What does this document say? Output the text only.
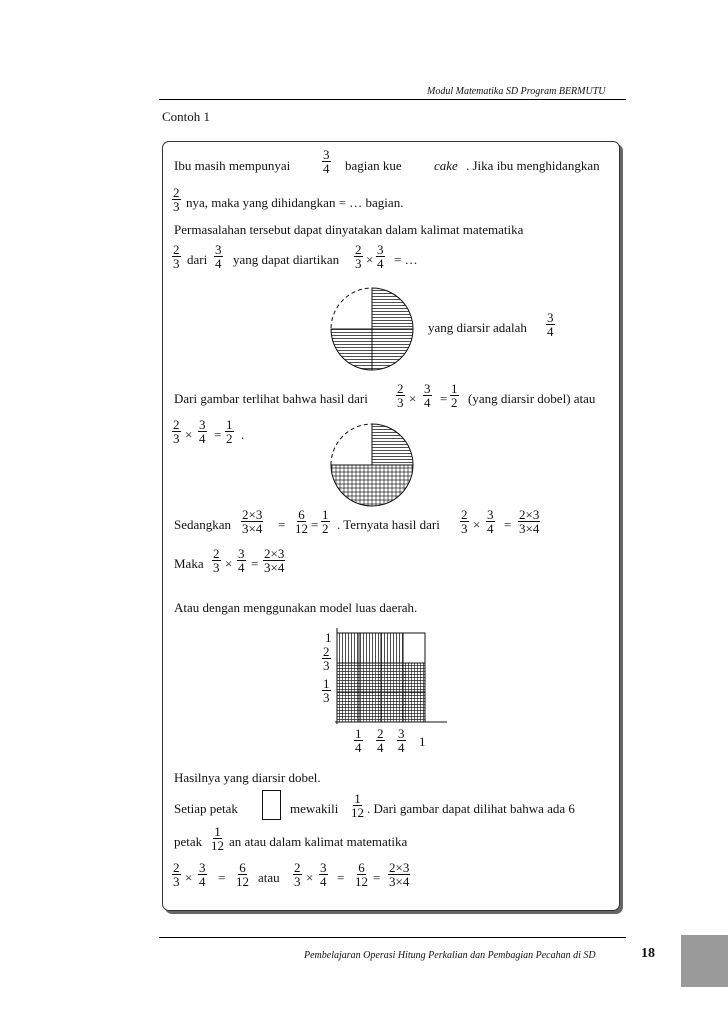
Modul Matematika SD Program BERMUTU
Contoh 1
Ibu masih mempunyai $\frac{3}{4}$ bagian kue cake . Jika ibu menghidangkan
$\frac{2}{3}$ nya, maka yang dihidangkan = … bagian.
Permasalahan tersebut dapat dinyatakan dalam kalimat matematika
$\frac{2}{3}$ dari $\frac{3}{4}$ yang dapat diartikan $\frac{2}{3} \times \frac{3}{4}$ = …
yang diarsir adalah $\frac{3}{4}$
Dari gambar terlihat bahwa hasil dari $\frac{2}{3} \times \frac{3}{4} = \frac{1}{2}$ (yang diarsir dobel) atau
$\frac{2}{3} \times \frac{3}{4} = \frac{1}{2}$ .
Sedangkan $\frac{2\times 3}{3\times 4} = \frac{6}{12} = \frac{1}{2}$ . Ternyata hasil dari $\frac{2}{3} \times \frac{3}{4} = \frac{2\times 3}{3\times 4}$
Maka $\frac{2}{3} \times \frac{3}{4} = \frac{2\times 3}{3\times 4}$
Atau dengan menggunakan model luas daerah.
1
$\frac{2}{3}$
$\frac{1}{3}$
$\frac{1}{4} \frac{2}{4} \frac{3}{4} 1$
Hasilnya yang diarsir dobel.
Setiap petak	mewakili $\frac{1}{12}$ . Dari gambar dapat dilihat bahwa ada 6
petak $\frac{1}{12}$ an atau dalam kalimat matematika
$\frac{2}{3} \times \frac{3}{4} = \frac{6}{12}$ atau $\frac{2}{3} \times \frac{3}{4} = \frac{6}{12} = \frac{2\times 3}{3\times 4}$
Pembelajaran Operasi Hitung Perkalian dan Pembagian Pecahan di SD	18
